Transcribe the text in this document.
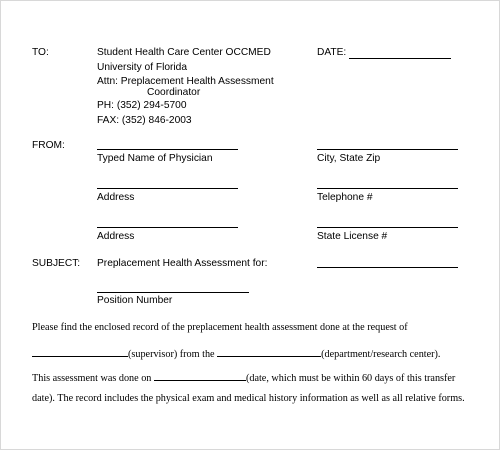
TO:	Student Health Care Center OCCMED
University of Florida
Attn: Preplacement Health Assessment
Coordinator
PH: (352) 294-5700
FAX: (352) 846-2003
DATE:
FROM:
Typed Name of Physician	City, State Zip
Address	Telephone #
Address	State License #
SUBJECT: Preplacement Health Assessment for:
Position Number
Please find the enclosed record of the preplacement health assessment done at the request of
(supervisor) from the	(department/research center).
This assessment was done on	(date, which must be within 60 days of this transfer
date). The record includes the physical exam and medical history information as well as all relative forms.
